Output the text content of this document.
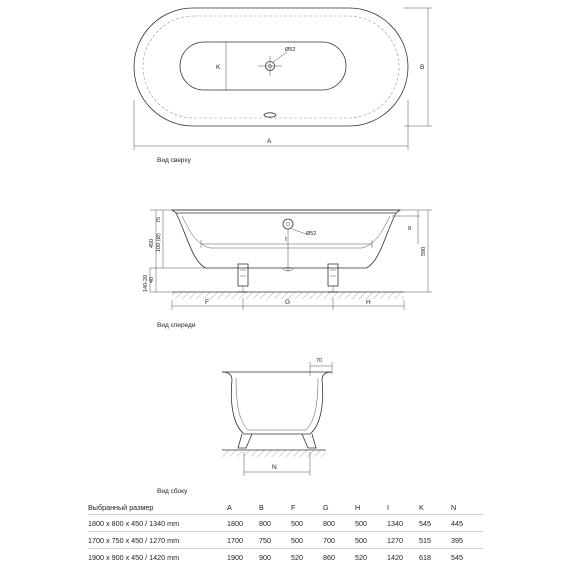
Ø52
K	B
A
Вид сверху
Ø52
I
F	G	H
75
450 100 (Ø)
40
140-20
8
590
Вид спереди
70
N
Вид сбоку
Выбранный размер	A	B	F	G	H	I	K	N
1800 x 800 x 450 / 1340 mm	1800	800	500	800	500	1340	545	445
1700 x 750 x 450 / 1270 mm	1700	750	500	700	500	1270	515	395
1900 x 900 x 450 / 1420 mm	1900	900	520	860	520	1420	618	545
